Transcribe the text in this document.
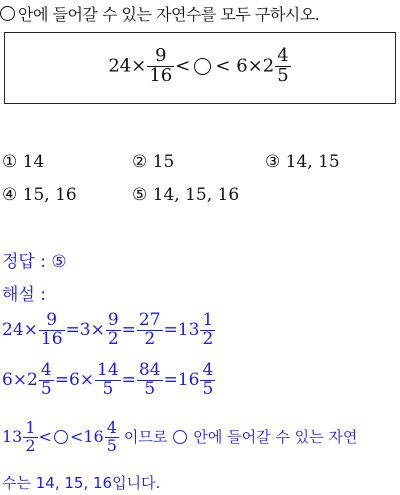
안에 들어갈 수 있는 자연수를 모두 구하시오.
$24\times \frac{9}{16}$ < < $6\times 2 \frac{4}{5}$
① 14	② 15	③ 14, 15
④ 15, 16	⑤ 14, 15, 16
정답 : ⑤
해설 :
$24\times \frac{9}{16} =3\times \frac{9}{2} = \frac{27}{2} =13 \frac{1}{2}$
$6\times 2 \frac{4}{5} =6\times \frac{14}{5} = \frac{84}{5} =16 \frac{4}{5}$
$13 \frac{1}{2} < <16 \frac{4}{5}$ 이므로 안에 들어갈 수 있는 자연
수는 14, 15, 16입니다.
